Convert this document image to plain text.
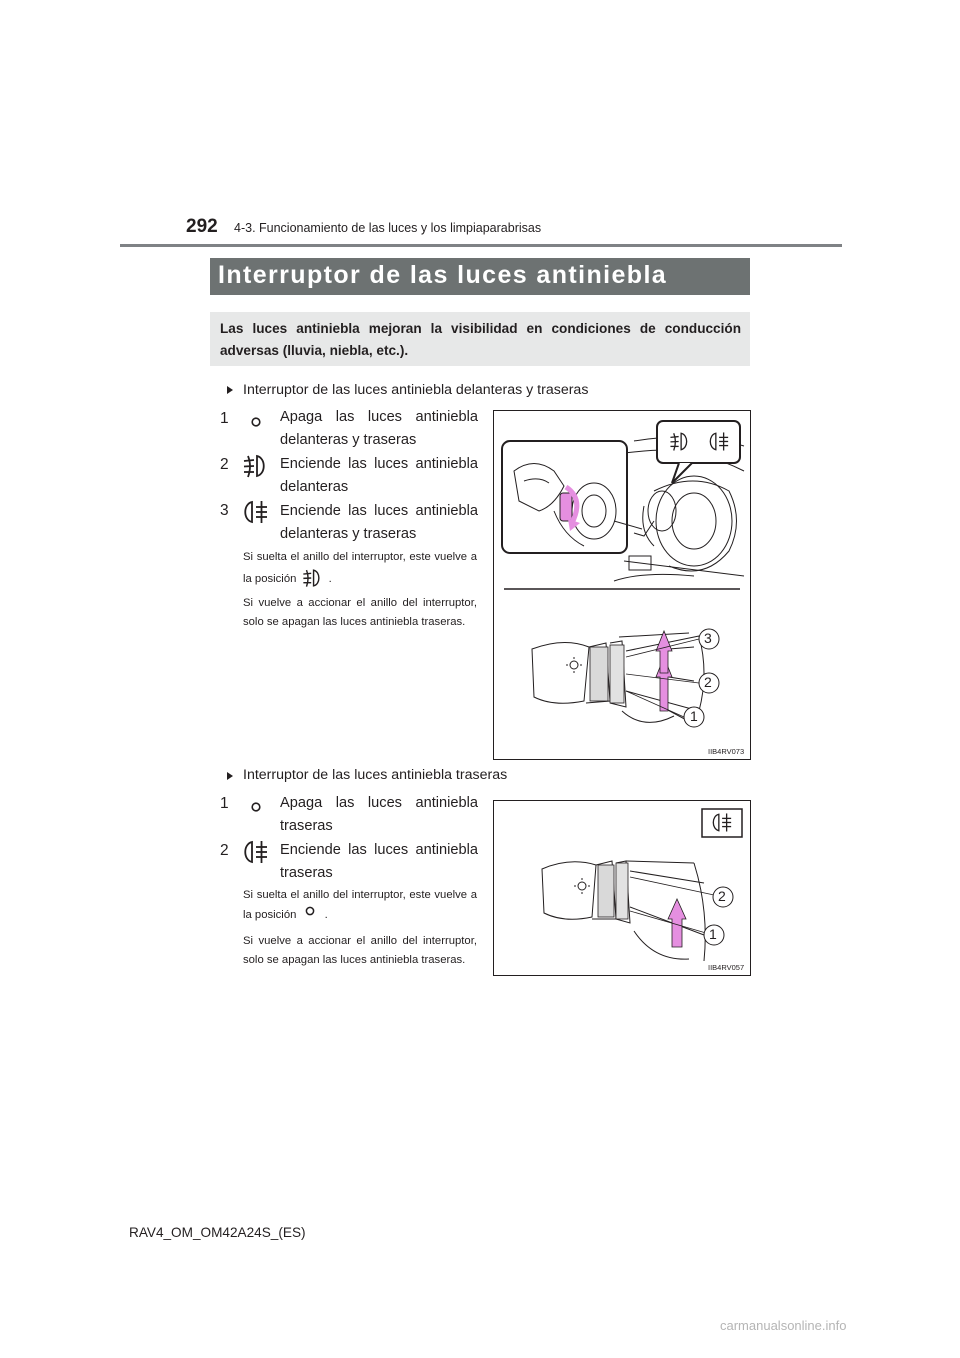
292 4-3. Funcionamiento de las luces y los limpiaparabrisas
Interruptor de las luces antiniebla
Las luces antiniebla mejoran la visibilidad en condiciones de conducción adversas (lluvia, niebla, etc.).
Interruptor de las luces antiniebla delanteras y traseras
1	Apaga las luces antiniebla delanteras y traseras
2	Enciende las luces antiniebla delanteras
3	Enciende las luces antiniebla delanteras y traseras
Si suelta el anillo del interruptor, este vuelve a la posición	.
Si vuelve a accionar el anillo del interruptor, solo se apagan las luces antiniebla traseras.
3
2
1
IIB4RV073
Interruptor de las luces antiniebla traseras
1	Apaga las luces antiniebla traseras
2	Enciende las luces antiniebla traseras
Si suelta el anillo del interruptor, este vuelve a la posición	.
Si vuelve a accionar el anillo del interruptor, solo se apagan las luces antiniebla traseras.
2
1
IIB4RV057
RAV4_OM_OM42A24S_(ES)
carmanualsonline.info
